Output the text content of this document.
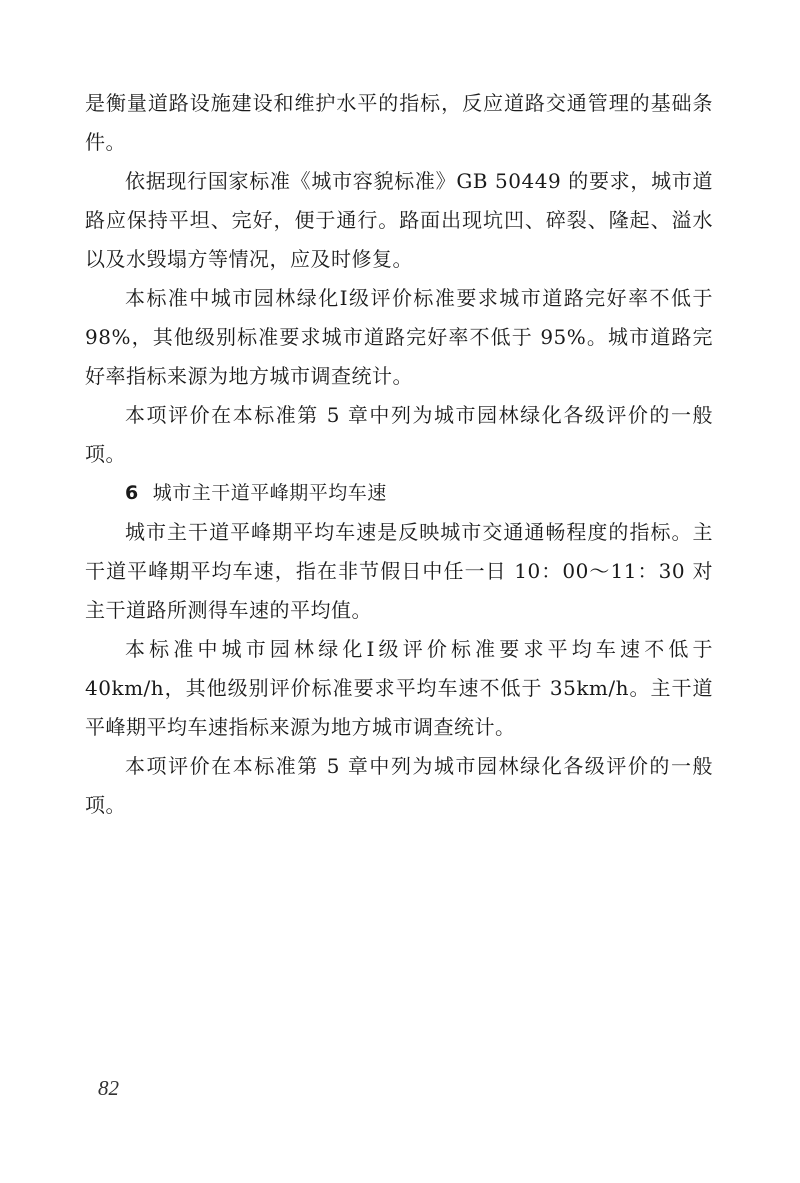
是衡量道路设施建设和维护水平的指标，反应道路交通管理的基础条件。

依据现行国家标准《城市容貌标准》GB 50449 的要求，城市道路应保持平坦、完好，便于通行。路面出现坑凹、碎裂、隆起、溢水以及水毁塌方等情况，应及时修复。

本标准中城市园林绿化Ⅰ级评价标准要求城市道路完好率不低于 98%，其他级别标准要求城市道路完好率不低于 95%。城市道路完好率指标来源为地方城市调查统计。

本项评价在本标准第 5 章中列为城市园林绿化各级评价的一般项。

6 城市主干道平峰期平均车速

城市主干道平峰期平均车速是反映城市交通通畅程度的指标。主干道平峰期平均车速，指在非节假日中任一日 10：00～11：30 对主干道路所测得车速的平均值。

本标准中城市园林绿化Ⅰ级评价标准要求平均车速不低于40km/h，其他级别评价标准要求平均车速不低于 35km/h。主干道平峰期平均车速指标来源为地方城市调查统计。

本项评价在本标准第 5 章中列为城市园林绿化各级评价的一般项。

82
